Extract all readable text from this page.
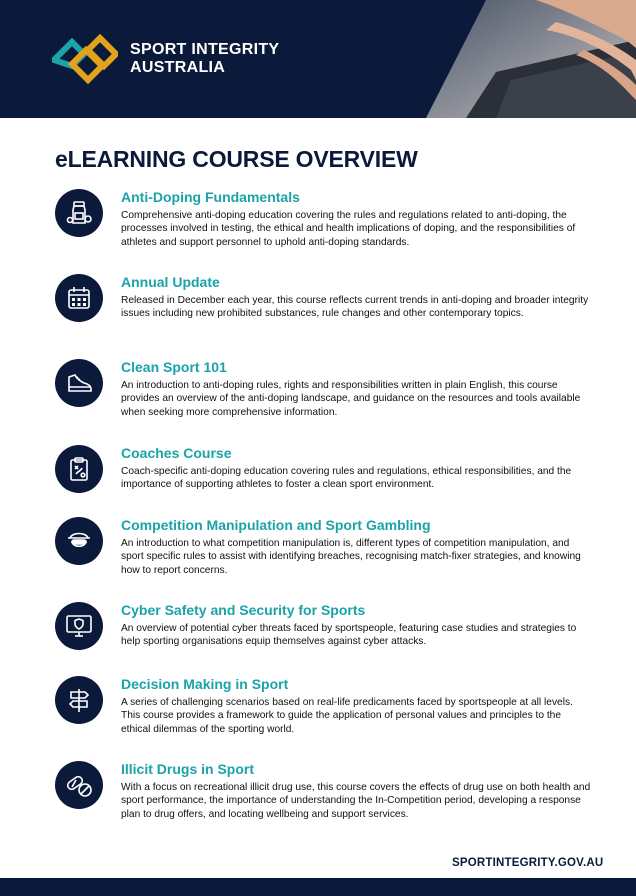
SPORT INTEGRITY
AUSTRALIA
eLEARNING COURSE OVERVIEW
Anti-Doping Fundamentals
Comprehensive anti-doping education covering the rules and regulations related to anti-doping, the processes involved in testing, the ethical and health implications of doping, and the responsibilities of athletes and support personnel to uphold anti-doping standards.
Annual Update
Released in December each year, this course reflects current trends in anti-doping and broader integrity issues including new prohibited substances, rule changes and other contemporary topics.
Clean Sport 101
An introduction to anti-doping rules, rights and responsibilities written in plain English, this course provides an overview of the anti-doping landscape, and guidance on the resources and tools available when seeking more comprehensive information.
Coaches Course
Coach-specific anti-doping education covering rules and regulations, ethical responsibilities, and the importance of supporting athletes to foster a clean sport environment.
Competition Manipulation and Sport Gambling
An introduction to what competition manipulation is, different types of competition manipulation, and sport specific rules to assist with identifying breaches, recognising match-fixer strategies, and knowing how to report concerns.
Cyber Safety and Security for Sports
An overview of potential cyber threats faced by sportspeople, featuring case studies and strategies to help sporting organisations equip themselves against cyber attacks.
Decision Making in Sport
A series of challenging scenarios based on real-life predicaments faced by sportspeople at all levels. This course provides a framework to guide the application of personal values and principles to the ethical dilemmas of the sporting world.
Illicit Drugs in Sport
With a focus on recreational illicit drug use, this course covers the effects of drug use on both health and sport performance, the importance of understanding the In-Competition period, developing a response plan to drug offers, and locating wellbeing and support services.
SPORTINTEGRITY.GOV.AU
